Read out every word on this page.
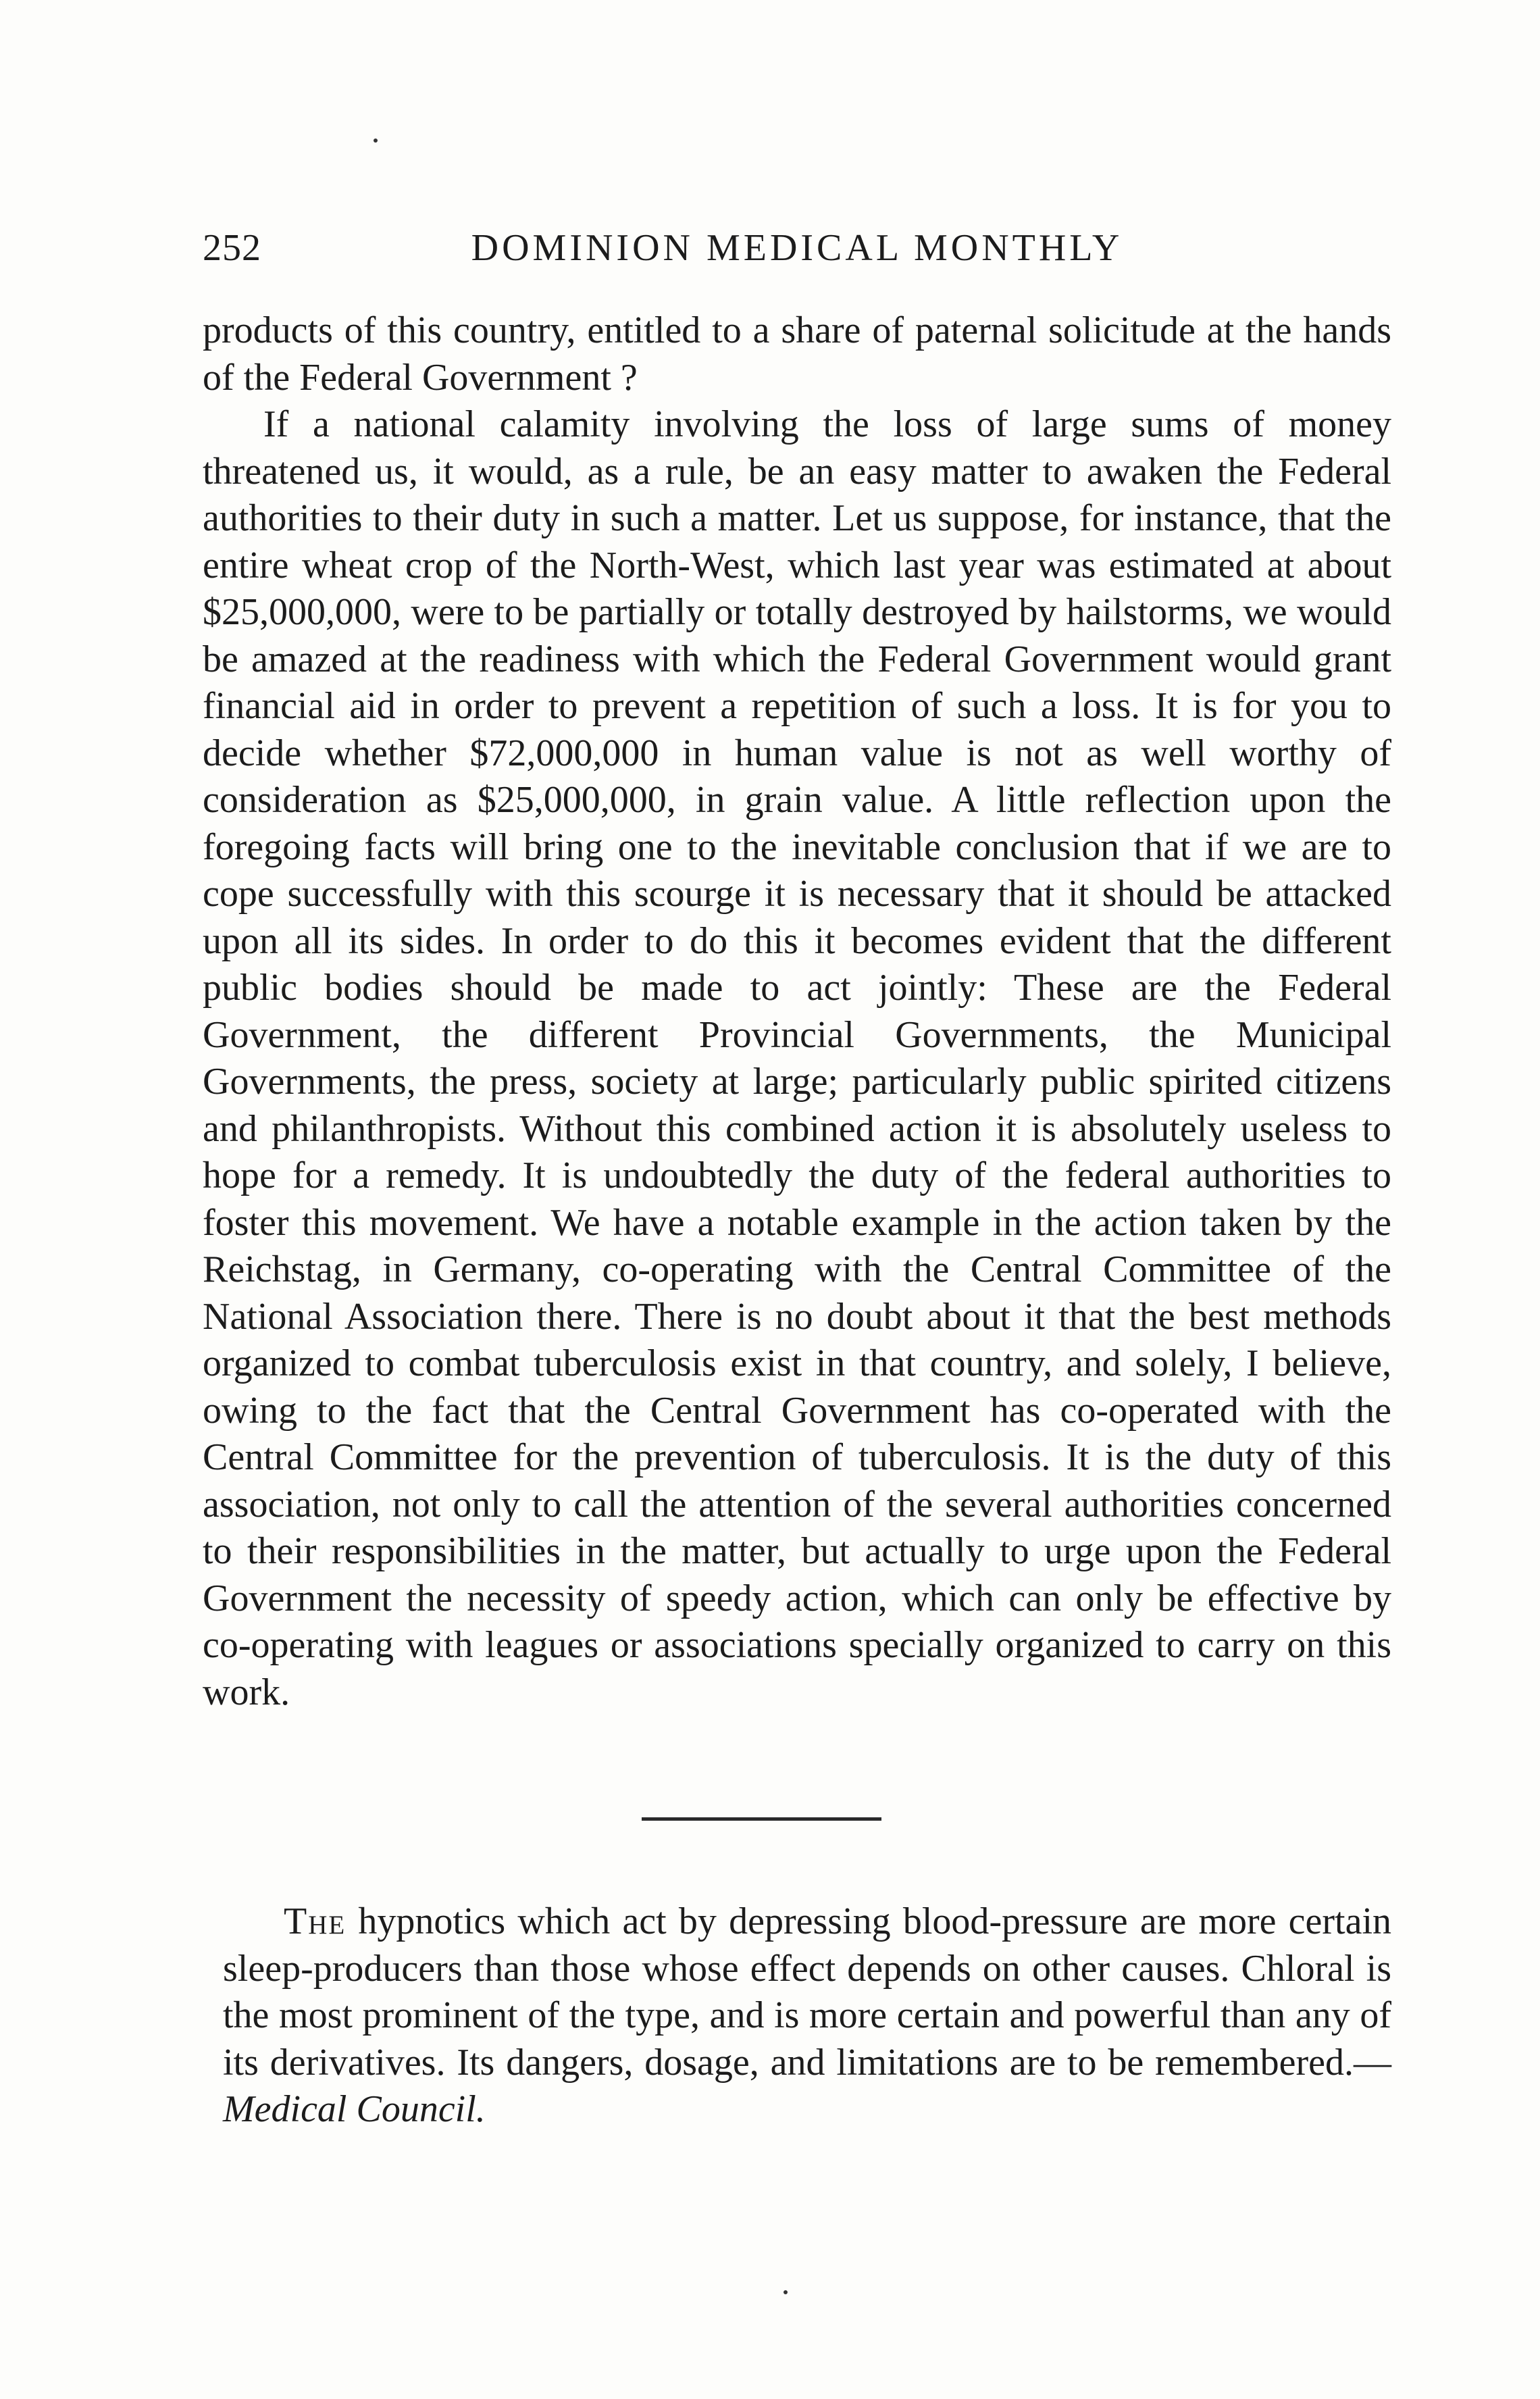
252	DOMINION MEDICAL MONTHLY

products of this country, entitled to a share of paternal solicitude at the hands of the Federal Government ?

If a national calamity involving the loss of large sums of money threatened us, it would, as a rule, be an easy matter to awaken the Federal authorities to their duty in such a matter. Let us suppose, for instance, that the entire wheat crop of the North-West, which last year was estimated at about $25,000,000, were to be partially or totally destroyed by hailstorms, we would be amazed at the readiness with which the Federal Government would grant financial aid in order to prevent a repetition of such a loss. It is for you to decide whether $72,000,000 in human value is not as well worthy of consideration as $25,000,000, in grain value. A little reflection upon the foregoing facts will bring one to the inevitable conclusion that if we are to cope successfully with this scourge it is necessary that it should be attacked upon all its sides. In order to do this it becomes evident that the different public bodies should be made to act jointly: These are the Federal Government, the different Provincial Governments, the Municipal Governments, the press, society at large; particularly public spirited citizens and philanthropists. Without this combined action it is absolutely useless to hope for a remedy. It is undoubtedly the duty of the federal authorities to foster this movement. We have a notable example in the action taken by the Reichstag, in Germany, co-operating with the Central Committee of the National Association there. There is no doubt about it that the best methods organized to combat tuberculosis exist in that country, and solely, I believe, owing to the fact that the Central Government has co-operated with the Central Committee for the prevention of tuberculosis. It is the duty of this association, not only to call the attention of the several authorities concerned to their responsibilities in the matter, but actually to urge upon the Federal Government the necessity of speedy action, which can only be effective by co-operating with leagues or associations specially organized to carry on this work.

The hypnotics which act by depressing blood-pressure are more certain sleep-producers than those whose effect depends on other causes. Chloral is the most prominent of the type, and is more certain and powerful than any of its derivatives. Its dangers, dosage, and limitations are to be remembered.—Medical Council.
